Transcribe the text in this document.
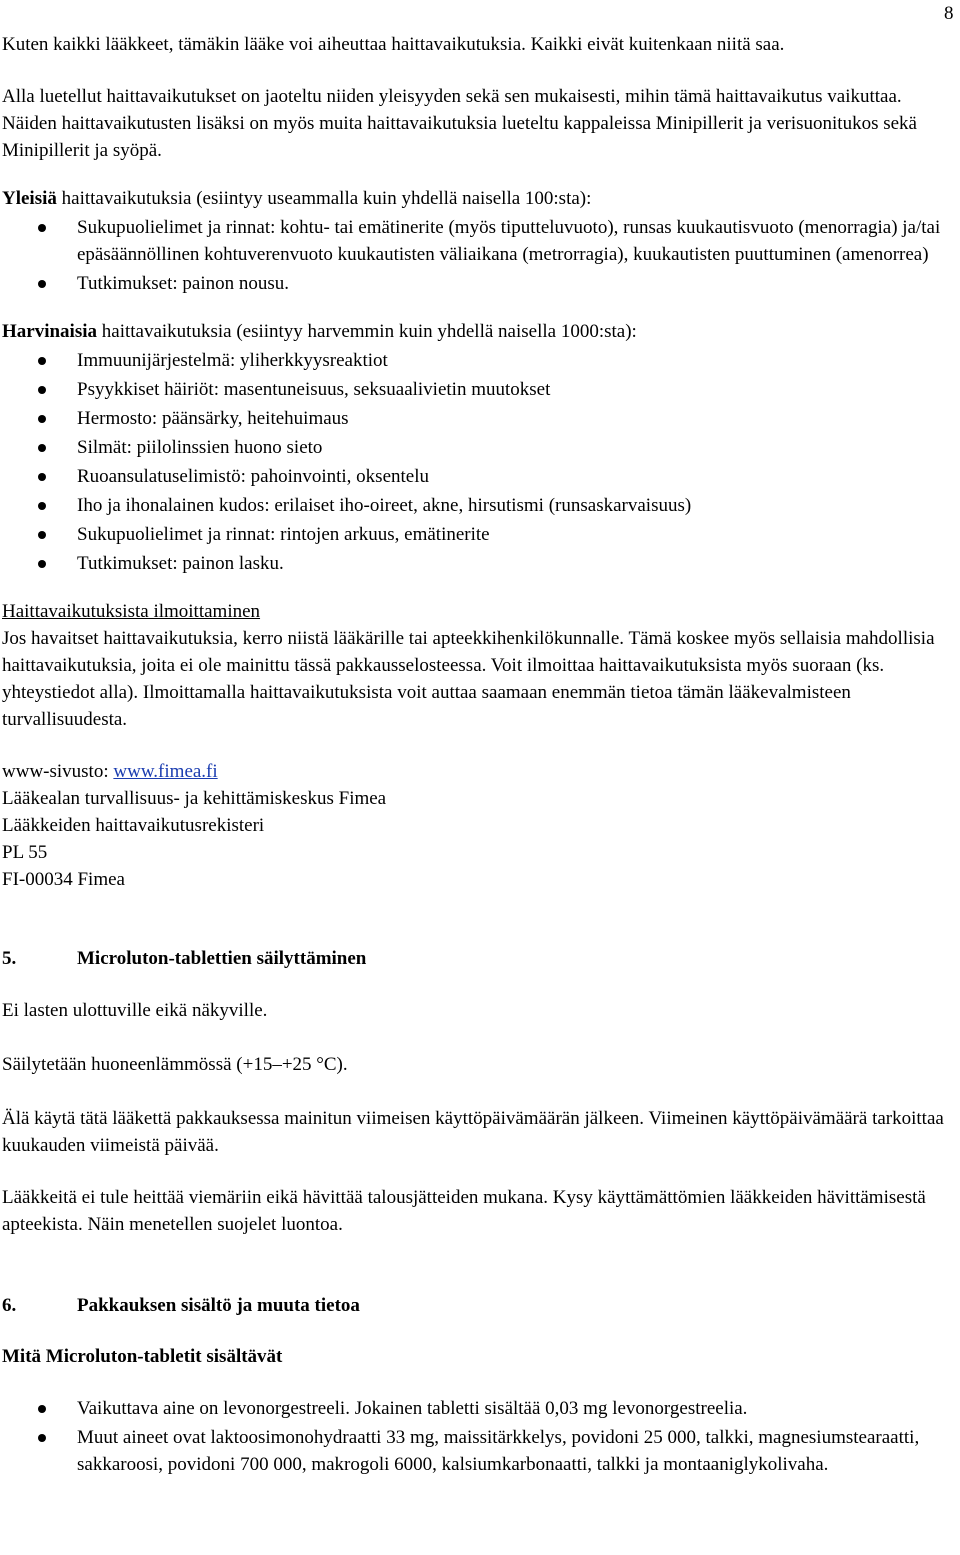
8

Kuten kaikki lääkkeet, tämäkin lääke voi aiheuttaa haittavaikutuksia. Kaikki eivät kuitenkaan niitä saa.

Alla luetellut haittavaikutukset on jaoteltu niiden yleisyyden sekä sen mukaisesti, mihin tämä haittavaikutus vaikuttaa. Näiden haittavaikutusten lisäksi on myös muita haittavaikutuksia lueteltu kappaleissa Minipillerit ja verisuonitukos sekä Minipillerit ja syöpä.

Yleisiä haittavaikutuksia (esiintyy useammalla kuin yhdellä naisella 100:sta):

Sukupuolielimet ja rinnat: kohtu- tai emätinerite (myös tiputteluvuoto), runsas kuukautisvuoto (menorragia) ja/tai epäsäännöllinen kohtuverenvuoto kuukautisten väliaikana (metrorragia), kuukautisten puuttuminen (amenorrea)
Tutkimukset: painon nousu.

Harvinaisia haittavaikutuksia (esiintyy harvemmin kuin yhdellä naisella 1000:sta):

Immuunijärjestelmä: yliherkkyysreaktiot
Psyykkiset häiriöt: masentuneisuus, seksuaalivietin muutokset
Hermosto: päänsärky, heitehuimaus
Silmät: piilolinssien huono sieto
Ruoansulatuselimistö: pahoinvointi, oksentelu
Iho ja ihonalainen kudos: erilaiset iho-oireet, akne, hirsutismi (runsaskarvaisuus)
Sukupuolielimet ja rinnat: rintojen arkuus, emätinerite
Tutkimukset: painon lasku.

Haittavaikutuksista ilmoittaminen

Jos havaitset haittavaikutuksia, kerro niistä lääkärille tai apteekkihenkilökunnalle. Tämä koskee myös sellaisia mahdollisia haittavaikutuksia, joita ei ole mainittu tässä pakkausselosteessa. Voit ilmoittaa haittavaikutuksista myös suoraan (ks. yhteystiedot alla). Ilmoittamalla haittavaikutuksista voit auttaa saamaan enemmän tietoa tämän lääkevalmisteen turvallisuudesta.

www-sivusto: www.fimea.fi

Lääkealan turvallisuus- ja kehittämiskeskus Fimea

Lääkkeiden haittavaikutusrekisteri

PL 55

FI-00034 Fimea

5.	Microluton-tablettien säilyttäminen

Ei lasten ulottuville eikä näkyville.

Säilytetään huoneenlämmössä (+15–+25 °C).

Älä käytä tätä lääkettä pakkauksessa mainitun viimeisen käyttöpäivämäärän jälkeen. Viimeinen käyttöpäivämäärä tarkoittaa kuukauden viimeistä päivää.

Lääkkeitä ei tule heittää viemäriin eikä hävittää talousjätteiden mukana. Kysy käyttämättömien lääkkeiden hävittämisestä apteekista. Näin menetellen suojelet luontoa.

6.	Pakkauksen sisältö ja muuta tietoa

Mitä Microluton-tabletit sisältävät

Vaikuttava aine on levonorgestreeli. Jokainen tabletti sisältää 0,03 mg levonorgestreelia.
Muut aineet ovat laktoosimonohydraatti 33 mg, maissitärkkelys, povidoni 25 000, talkki, magnesiumstearaatti, sakkaroosi, povidoni 700 000, makrogoli 6000, kalsiumkarbonaatti, talkki ja montaaniglykolivaha.
